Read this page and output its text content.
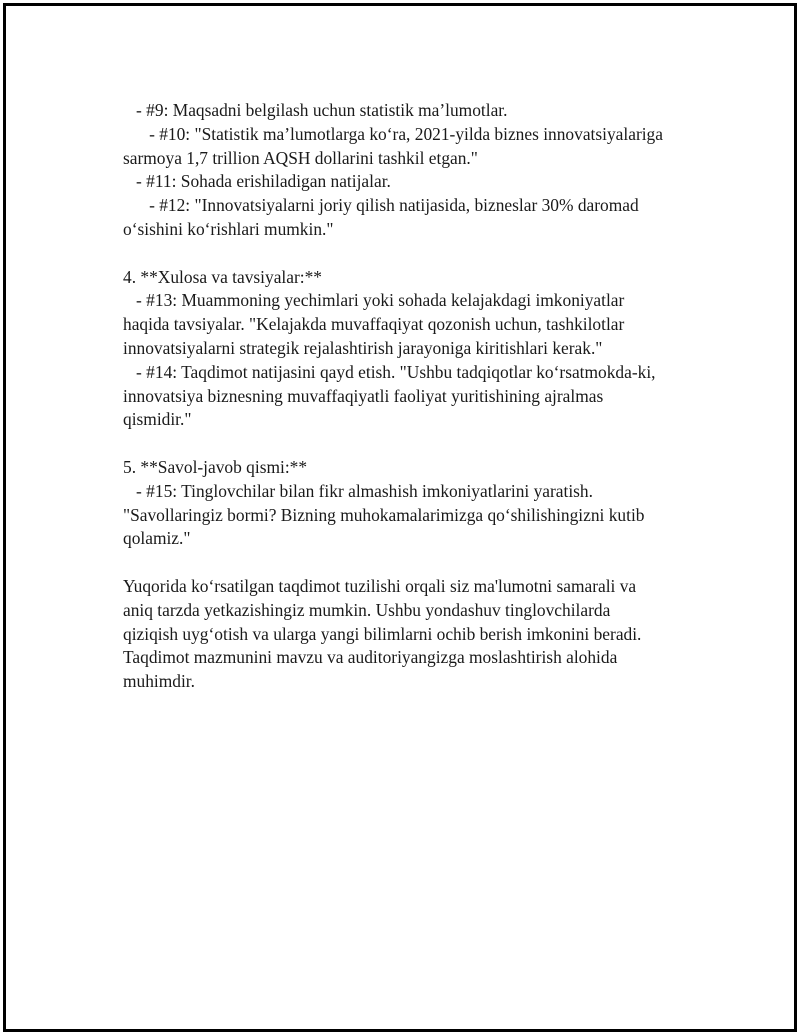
- #9: Maqsadni belgilash uchun statistik ma’lumotlar.
- #10: "Statistik ma’lumotlarga ko‘ra, 2021-yilda biznes innovatsiyalariga
sarmoya 1,7 trillion AQSH dollarini tashkil etgan."
- #11: Sohada erishiladigan natijalar.
- #12: "Innovatsiyalarni joriy qilish natijasida, bizneslar 30% daromad
o‘sishini ko‘rishlari mumkin."
4. **Xulosa va tavsiyalar:**
- #13: Muammoning yechimlari yoki sohada kelajakdagi imkoniyatlar
haqida tavsiyalar. "Kelajakda muvaffaqiyat qozonish uchun, tashkilotlar
innovatsiyalarni strategik rejalashtirish jarayoniga kiritishlari kerak."
- #14: Taqdimot natijasini qayd etish. "Ushbu tadqiqotlar ko‘rsatmokda-ki,
innovatsiya biznesning muvaffaqiyatli faoliyat yuritishining ajralmas
qismidir."
5. **Savol-javob qismi:**
- #15: Tinglovchilar bilan fikr almashish imkoniyatlarini yaratish.
"Savollaringiz bormi? Bizning muhokamalarimizga qo‘shilishingizni kutib
qolamiz."
Yuqorida ko‘rsatilgan taqdimot tuzilishi orqali siz ma'lumotni samarali va
aniq tarzda yetkazishingiz mumkin. Ushbu yondashuv tinglovchilarda
qiziqish uyg‘otish va ularga yangi bilimlarni ochib berish imkonini beradi.
Taqdimot mazmunini mavzu va auditoriyangizga moslashtirish alohida
muhimdir.
